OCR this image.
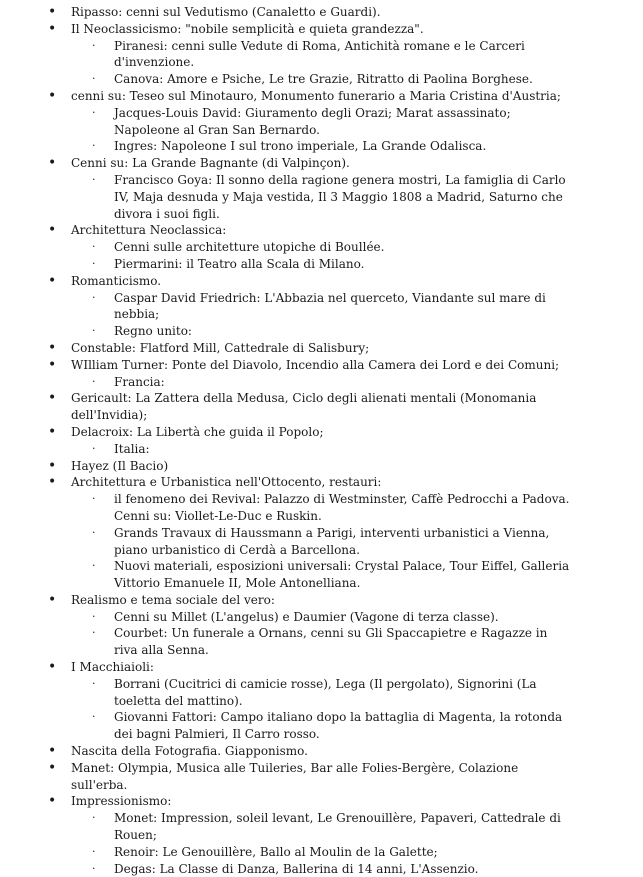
• Ripasso: cenni sul Vedutismo (Canaletto e Guardi).
• Il Neoclassicismo: "nobile semplicità e quieta grandezza".
· Piranesi: cenni sulle Vedute di Roma, Antichità romane e le Carceri d'invenzione.
· Canova: Amore e Psiche, Le tre Grazie, Ritratto di Paolina Borghese.
• cenni su: Teseo sul Minotauro, Monumento funerario a Maria Cristina d'Austria;
· Jacques-Louis David: Giuramento degli Orazi; Marat assassinato; Napoleone al Gran San Bernardo.
· Ingres: Napoleone I sul trono imperiale, La Grande Odalisca.
• Cenni su: La Grande Bagnante (di Valpinçon).
· Francisco Goya: Il sonno della ragione genera mostri, La famiglia di Carlo IV, Maja desnuda y Maja vestida, Il 3 Maggio 1808 a Madrid, Saturno che divora i suoi figli.
• Architettura Neoclassica:
· Cenni sulle architetture utopiche di Boullée.
· Piermarini: il Teatro alla Scala di Milano.
• Romanticismo.
· Caspar David Friedrich: L'Abbazia nel querceto, Viandante sul mare di nebbia;
· Regno unito:
• Constable: Flatford Mill, Cattedrale di Salisbury;
• WIlliam Turner: Ponte del Diavolo, Incendio alla Camera dei Lord e dei Comuni;
· Francia:
• Gericault: La Zattera della Medusa, Ciclo degli alienati mentali (Monomania dell'Invidia);
• Delacroix: La Libertà che guida il Popolo;
· Italia:
• Hayez (Il Bacio)
• Architettura e Urbanistica nell'Ottocento, restauri:
· il fenomeno dei Revival: Palazzo di Westminster, Caffè Pedrocchi a Padova. Cenni su: Viollet-Le-Duc e Ruskin.
· Grands Travaux di Haussmann a Parigi, interventi urbanistici a Vienna, piano urbanistico di Cerdà a Barcellona.
· Nuovi materiali, esposizioni universali: Crystal Palace, Tour Eiffel, Galleria Vittorio Emanuele II, Mole Antonelliana.
• Realismo e tema sociale del vero:
· Cenni su Millet (L'angelus) e Daumier (Vagone di terza classe).
· Courbet: Un funerale a Ornans, cenni su Gli Spaccapietre e Ragazze in riva alla Senna.
• I Macchiaioli:
· Borrani (Cucitrici di camicie rosse), Lega (Il pergolato), Signorini (La toeletta del mattino).
· Giovanni Fattori: Campo italiano dopo la battaglia di Magenta, la rotonda dei bagni Palmieri, Il Carro rosso.
• Nascita della Fotografia. Giapponismo.
• Manet: Olympia, Musica alle Tuileries, Bar alle Folies-Bergère, Colazione sull'erba.
• Impressionismo:
· Monet: Impression, soleil levant, Le Grenouillère, Papaveri, Cattedrale di Rouen;
· Renoir: Le Genouillère, Ballo al Moulin de la Galette;
· Degas: La Classe di Danza, Ballerina di 14 anni, L'Assenzio.
